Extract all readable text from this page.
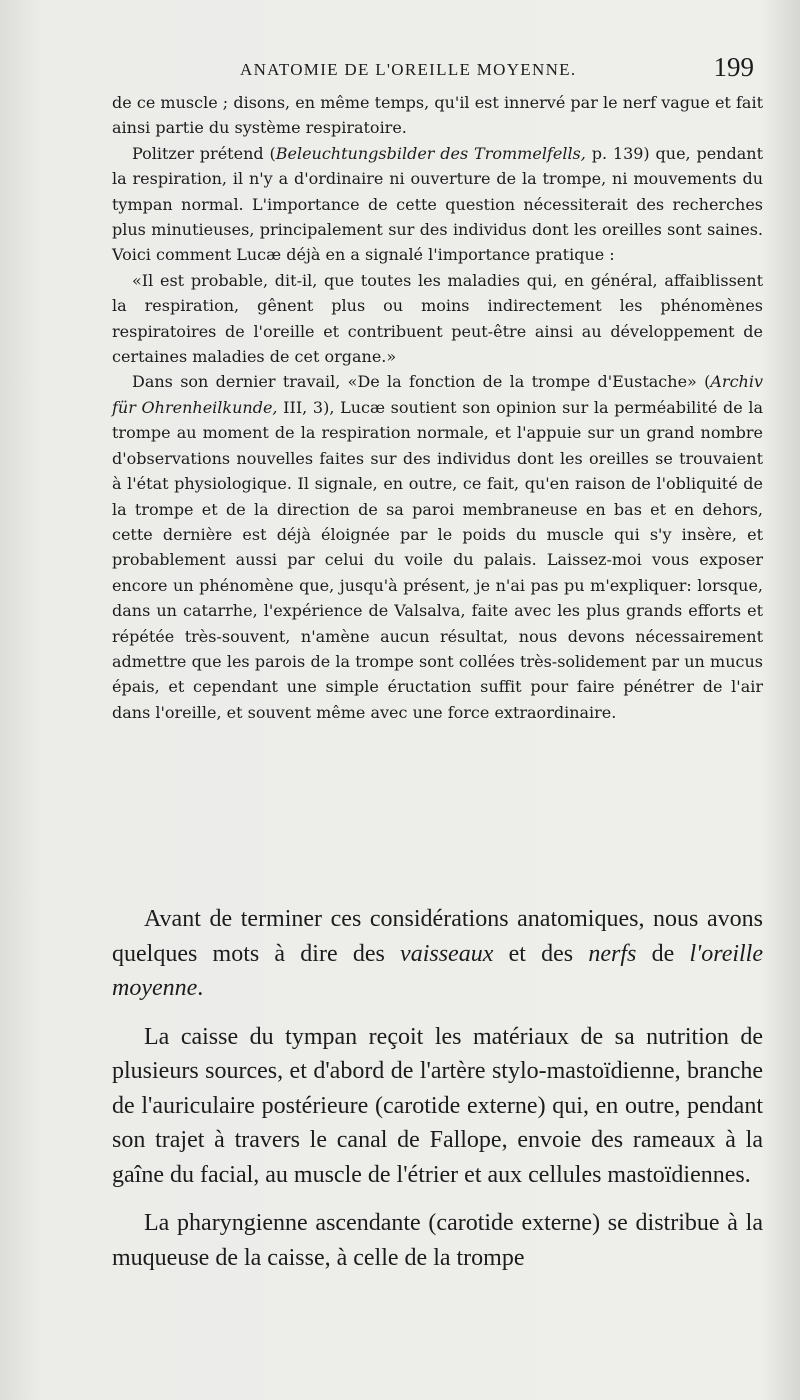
ANATOMIE DE L'OREILLE MOYENNE.	199

de ce muscle ; disons, en même temps, qu'il est innervé par le nerf vague et fait ainsi partie du système respiratoire.

Politzer prétend (Beleuchtungsbilder des Trommelfells, p. 139) que, pendant la respiration, il n'y a d'ordinaire ni ouverture de la trompe, ni mouvements du tympan normal. L'importance de cette question nécessiterait des recherches plus minutieuses, principalement sur des individus dont les oreilles sont saines. Voici comment Lucæ déjà en a signalé l'importance pratique :

«Il est probable, dit-il, que toutes les maladies qui, en général, affaiblissent la respiration, gênent plus ou moins indirectement les phénomènes respiratoires de l'oreille et contribuent peut-être ainsi au développement de certaines maladies de cet organe.»

Dans son dernier travail, «De la fonction de la trompe d'Eustache» (Archiv für Ohrenheilkunde, III, 3), Lucæ soutient son opinion sur la perméabilité de la trompe au moment de la respiration normale, et l'appuie sur un grand nombre d'observations nouvelles faites sur des individus dont les oreilles se trouvaient à l'état physiologique. Il signale, en outre, ce fait, qu'en raison de l'obliquité de la trompe et de la direction de sa paroi membraneuse en bas et en dehors, cette dernière est déjà éloignée par le poids du muscle qui s'y insère, et probablement aussi par celui du voile du palais. Laissez-moi vous exposer encore un phénomène que, jusqu'à présent, je n'ai pas pu m'expliquer: lorsque, dans un catarrhe, l'expérience de Valsalva, faite avec les plus grands efforts et répétée très-souvent, n'amène aucun résultat, nous devons nécessairement admettre que les parois de la trompe sont collées très-solidement par un mucus épais, et cependant une simple éructation suffit pour faire pénétrer de l'air dans l'oreille, et souvent même avec une force extraordinaire.

Avant de terminer ces considérations anatomiques, nous avons quelques mots à dire des vaisseaux et des nerfs de l'oreille moyenne.

La caisse du tympan reçoit les matériaux de sa nutrition de plusieurs sources, et d'abord de l'artère stylo-mastoïdienne, branche de l'auriculaire postérieure (carotide externe) qui, en outre, pendant son trajet à travers le canal de Fallope, envoie des rameaux à la gaîne du facial, au muscle de l'étrier et aux cellules mastoïdiennes.

La pharyngienne ascendante (carotide externe) se distribue à la muqueuse de la caisse, à celle de la trompe
